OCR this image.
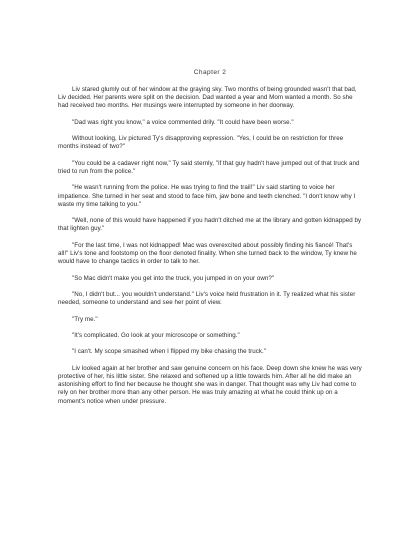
Chapter 2

Liv stared glumly out of her window at the graying sky. Two months of being grounded wasn't that bad, Liv decided. Her parents were split on the decision. Dad wanted a year and Mom wanted a month. So she had received two months. Her musings were interrupted by someone in her doorway.

"Dad was right you know," a voice commented drily. "It could have been worse."

Without looking, Liv pictured Ty's disapproving expression. "Yes, I could be on restriction for three months instead of two?"

"You could be a cadaver right now," Ty said sternly, "if that guy hadn't have jumped out of that truck and tried to run from the police."

"He wasn't running from the police. He was trying to find the trail!" Liv said starting to voice her impatience. She turned in her seat and stood to face him, jaw bone and teeth clenched. "I don't know why I waste my time talking to you."

"Well, none of this would have happened if you hadn't ditched me at the library and gotten kidnapped by that lighten guy."

"For the last time, I was not kidnapped! Mac was overexcited about possibly finding his fiancé! That's all!" Liv's tone and footstomp on the floor denoted finality. When she turned back to the window, Ty knew he would have to change tactics in order to talk to her.

"So Mac didn't make you get into the truck, you jumped in on your own?"

"No, I didn't but... you wouldn't understand." Liv's voice held frustration in it. Ty realized what his sister needed, someone to understand and see her point of view.

"Try me."

"It's complicated. Go look at your microscope or something."

"I can't. My scope smashed when I flipped my bike chasing the truck."

Liv looked again at her brother and saw genuine concern on his face. Deep down she knew he was very protective of her, his little sister. She relaxed and softened up a little towards him. After all he did make an astonishing effort to find her because he thought she was in danger. That thought was why Liv had come to rely on her brother more than any other person. He was truly amazing at what he could think up on a moment's notice when under pressure.
